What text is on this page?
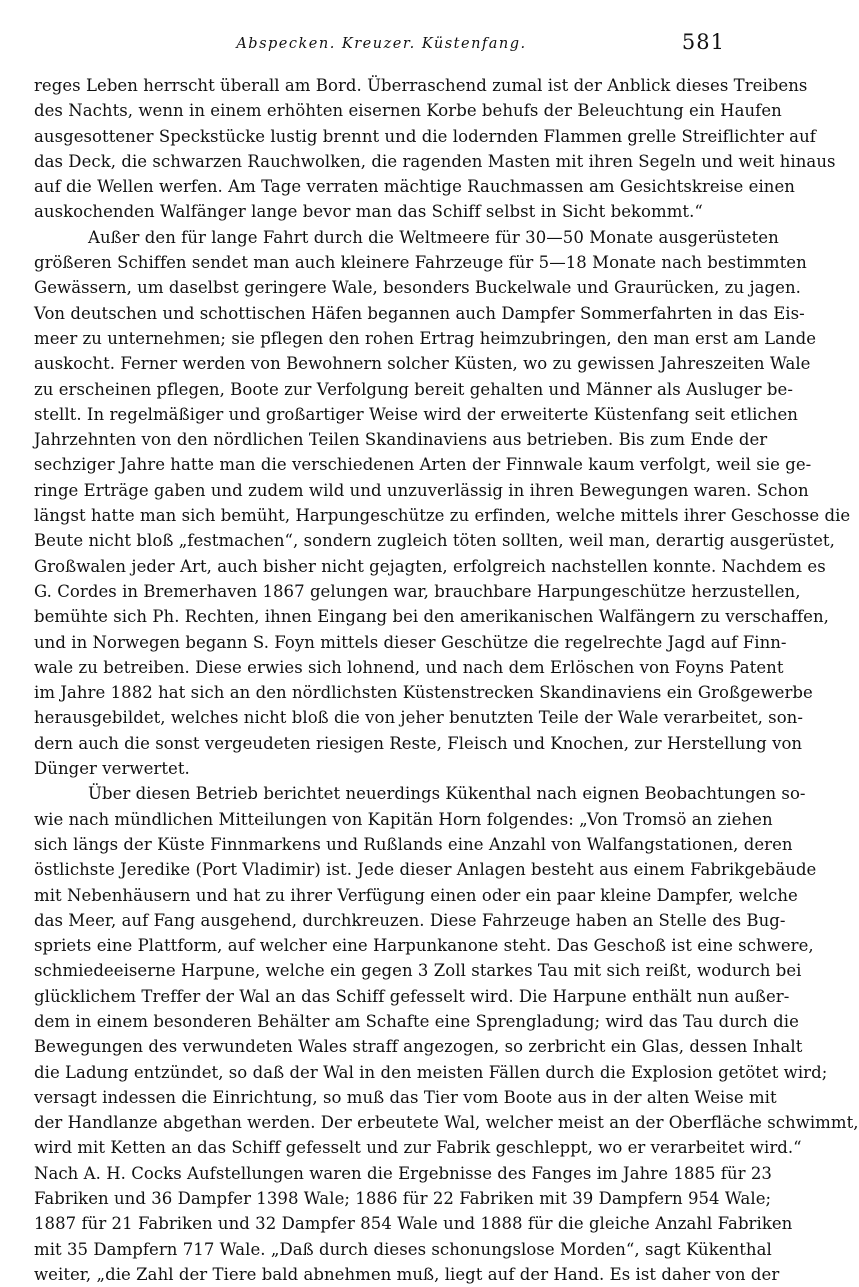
Abspecken. Kreuzer. Küstenfang.	581
reges Leben herrscht überall am Bord. Überraschend zumal ist der Anblick dieses Treibens
des Nachts, wenn in einem erhöhten eisernen Korbe behufs der Beleuchtung ein Haufen
ausgesottener Speckstücke lustig brennt und die lodernden Flammen grelle Streiflichter auf
das Deck, die schwarzen Rauchwolken, die ragenden Masten mit ihren Segeln und weit hinaus
auf die Wellen werfen. Am Tage verraten mächtige Rauchmassen am Gesichtskreise einen
auskochenden Walfänger lange bevor man das Schiff selbst in Sicht bekommt.“
Außer den für lange Fahrt durch die Weltmeere für 30—50 Monate ausgerüsteten
größeren Schiffen sendet man auch kleinere Fahrzeuge für 5—18 Monate nach bestimmten
Gewässern, um daselbst geringere Wale, besonders Buckelwale und Graurücken, zu jagen.
Von deutschen und schottischen Häfen begannen auch Dampfer Sommerfahrten in das Eis-
meer zu unternehmen; sie pflegen den rohen Ertrag heimzubringen, den man erst am Lande
auskocht. Ferner werden von Bewohnern solcher Küsten, wo zu gewissen Jahreszeiten Wale
zu erscheinen pflegen, Boote zur Verfolgung bereit gehalten und Männer als Ausluger be-
stellt. In regelmäßiger und großartiger Weise wird der erweiterte Küstenfang seit etlichen
Jahrzehnten von den nördlichen Teilen Skandinaviens aus betrieben. Bis zum Ende der
sechziger Jahre hatte man die verschiedenen Arten der Finnwale kaum verfolgt, weil sie ge-
ringe Erträge gaben und zudem wild und unzuverlässig in ihren Bewegungen waren. Schon
längst hatte man sich bemüht, Harpungeschütze zu erfinden, welche mittels ihrer Geschosse die
Beute nicht bloß „festmachen“, sondern zugleich töten sollten, weil man, derartig ausgerüstet,
Großwalen jeder Art, auch bisher nicht gejagten, erfolgreich nachstellen konnte. Nachdem es
G. Cordes in Bremerhaven 1867 gelungen war, brauchbare Harpungeschütze herzustellen,
bemühte sich Ph. Rechten, ihnen Eingang bei den amerikanischen Walfängern zu verschaffen,
und in Norwegen begann S. Foyn mittels dieser Geschütze die regelrechte Jagd auf Finn-
wale zu betreiben. Diese erwies sich lohnend, und nach dem Erlöschen von Foyns Patent
im Jahre 1882 hat sich an den nördlichsten Küstenstrecken Skandinaviens ein Großgewerbe
herausgebildet, welches nicht bloß die von jeher benutzten Teile der Wale verarbeitet, son-
dern auch die sonst vergeudeten riesigen Reste, Fleisch und Knochen, zur Herstellung von
Dünger verwertet.
Über diesen Betrieb berichtet neuerdings Kükenthal nach eignen Beobachtungen so-
wie nach mündlichen Mitteilungen von Kapitän Horn folgendes: „Von Tromsö an ziehen
sich längs der Küste Finnmarkens und Rußlands eine Anzahl von Walfangstationen, deren
östlichste Jeredike (Port Vladimir) ist. Jede dieser Anlagen besteht aus einem Fabrikgebäude
mit Nebenhäusern und hat zu ihrer Verfügung einen oder ein paar kleine Dampfer, welche
das Meer, auf Fang ausgehend, durchkreuzen. Diese Fahrzeuge haben an Stelle des Bug-
spriets eine Plattform, auf welcher eine Harpunkanone steht. Das Geschoß ist eine schwere,
schmiedeeiserne Harpune, welche ein gegen 3 Zoll starkes Tau mit sich reißt, wodurch bei
glücklichem Treffer der Wal an das Schiff gefesselt wird. Die Harpune enthält nun außer-
dem in einem besonderen Behälter am Schafte eine Sprengladung; wird das Tau durch die
Bewegungen des verwundeten Wales straff angezogen, so zerbricht ein Glas, dessen Inhalt
die Ladung entzündet, so daß der Wal in den meisten Fällen durch die Explosion getötet wird;
versagt indessen die Einrichtung, so muß das Tier vom Boote aus in der alten Weise mit
der Handlanze abgethan werden. Der erbeutete Wal, welcher meist an der Oberfläche schwimmt,
wird mit Ketten an das Schiff gefesselt und zur Fabrik geschleppt, wo er verarbeitet wird.“
Nach A. H. Cocks Aufstellungen waren die Ergebnisse des Fanges im Jahre 1885 für 23
Fabriken und 36 Dampfer 1398 Wale; 1886 für 22 Fabriken mit 39 Dampfern 954 Wale;
1887 für 21 Fabriken und 32 Dampfer 854 Wale und 1888 für die gleiche Anzahl Fabriken
mit 35 Dampfern 717 Wale. „Daß durch dieses schonungslose Morden“, sagt Kükenthal
weiter, „die Zahl der Tiere bald abnehmen muß, liegt auf der Hand. Es ist daher von der
